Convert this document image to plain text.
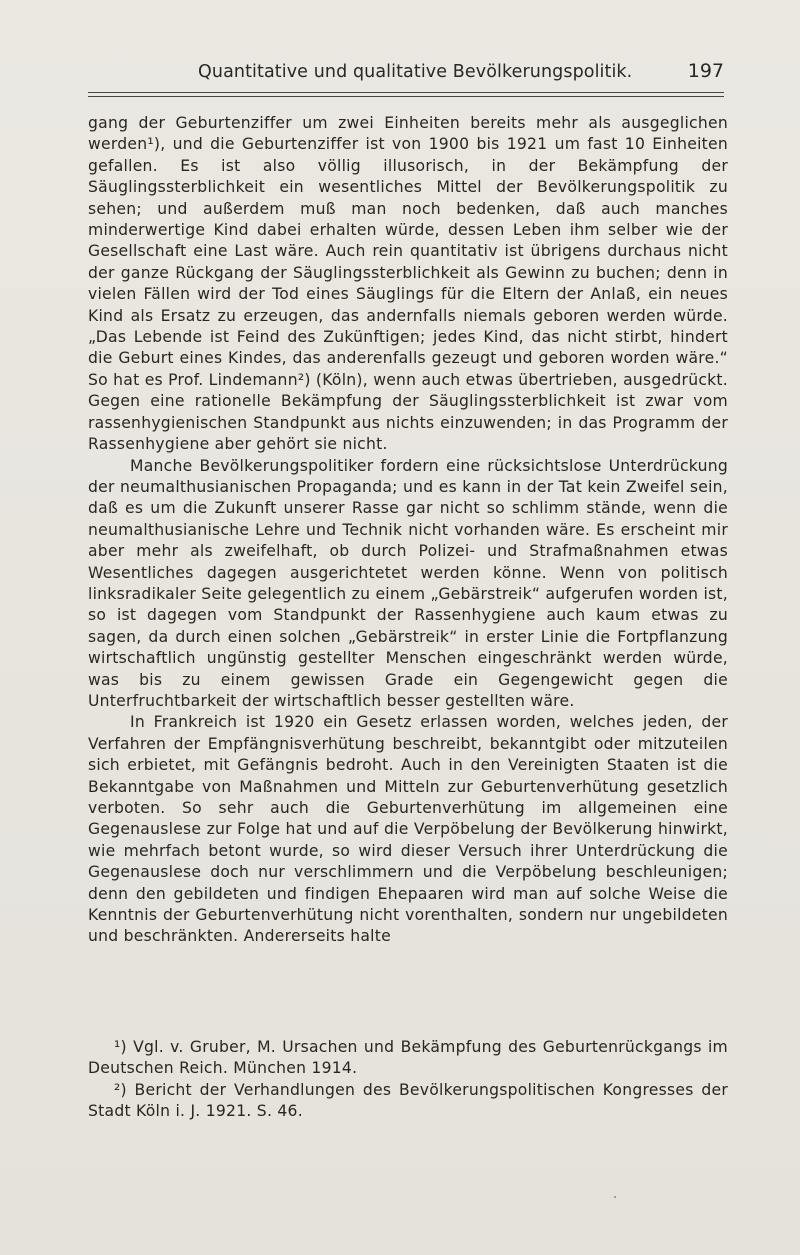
Quantitative und qualitative Bevölkerungspolitik.	197

gang der Geburtenziffer um zwei Einheiten bereits mehr als ausgeglichen werden¹), und die Geburtenziffer ist von 1900 bis 1921 um fast 10 Einheiten gefallen. Es ist also völlig illusorisch, in der Bekämpfung der Säuglingssterblichkeit ein wesentliches Mittel der Bevölkerungspolitik zu sehen; und außerdem muß man noch bedenken, daß auch manches minderwertige Kind dabei erhalten würde, dessen Leben ihm selber wie der Gesellschaft eine Last wäre. Auch rein quantitativ ist übrigens durchaus nicht der ganze Rückgang der Säuglingssterblichkeit als Gewinn zu buchen; denn in vielen Fällen wird der Tod eines Säuglings für die Eltern der Anlaß, ein neues Kind als Ersatz zu erzeugen, das andernfalls niemals geboren werden würde. „Das Lebende ist Feind des Zukünftigen; jedes Kind, das nicht stirbt, hindert die Geburt eines Kindes, das anderenfalls gezeugt und geboren worden wäre.“ So hat es Prof. Lindemann²) (Köln), wenn auch etwas übertrieben, ausgedrückt. Gegen eine rationelle Bekämpfung der Säuglingssterblichkeit ist zwar vom rassenhygienischen Standpunkt aus nichts einzuwenden; in das Programm der Rassenhygiene aber gehört sie nicht.

Manche Bevölkerungspolitiker fordern eine rücksichtslose Unterdrückung der neumalthusianischen Propaganda; und es kann in der Tat kein Zweifel sein, daß es um die Zukunft unserer Rasse gar nicht so schlimm stände, wenn die neumalthusianische Lehre und Technik nicht vorhanden wäre. Es erscheint mir aber mehr als zweifelhaft, ob durch Polizei- und Strafmaßnahmen etwas Wesentliches dagegen ausgerichtetet werden könne. Wenn von politisch linksradikaler Seite gelegentlich zu einem „Gebärstreik“ aufgerufen worden ist, so ist dagegen vom Standpunkt der Rassenhygiene auch kaum etwas zu sagen, da durch einen solchen „Gebärstreik“ in erster Linie die Fortpflanzung wirtschaftlich ungünstig gestellter Menschen eingeschränkt werden würde, was bis zu einem gewissen Grade ein Gegengewicht gegen die Unterfruchtbarkeit der wirtschaftlich besser gestellten wäre.

In Frankreich ist 1920 ein Gesetz erlassen worden, welches jeden, der Verfahren der Empfängnisverhütung beschreibt, bekanntgibt oder mitzuteilen sich erbietet, mit Gefängnis bedroht. Auch in den Vereinigten Staaten ist die Bekanntgabe von Maßnahmen und Mitteln zur Geburtenverhütung gesetzlich verboten. So sehr auch die Geburtenverhütung im allgemeinen eine Gegenauslese zur Folge hat und auf die Verpöbelung der Bevölkerung hinwirkt, wie mehrfach betont wurde, so wird dieser Versuch ihrer Unterdrückung die Gegenauslese doch nur verschlimmern und die Verpöbelung beschleunigen; denn den gebildeten und findigen Ehepaaren wird man auf solche Weise die Kenntnis der Geburtenverhütung nicht vorenthalten, sondern nur ungebildeten und beschränkten. Andererseits halte

¹) Vgl. v. Gruber, M. Ursachen und Bekämpfung des Geburtenrückgangs im Deutschen Reich. München 1914.

²) Bericht der Verhandlungen des Bevölkerungspolitischen Kongresses der Stadt Köln i. J. 1921. S. 46.
